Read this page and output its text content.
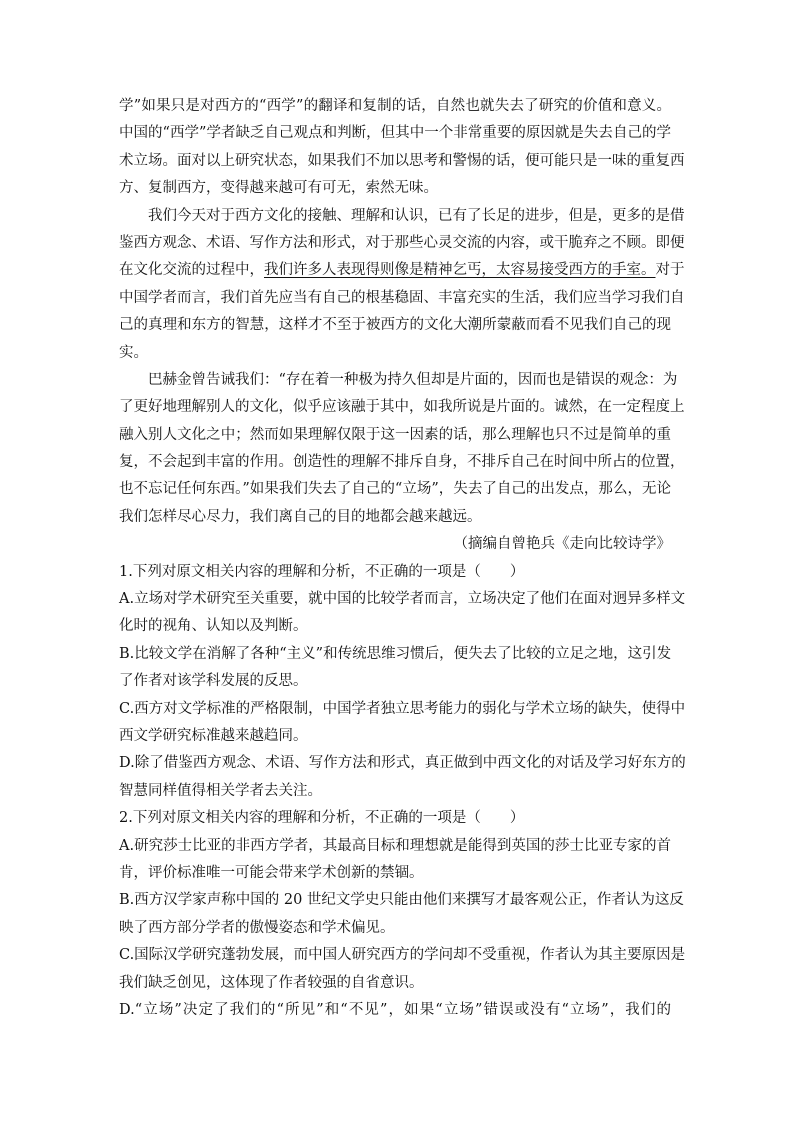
学”如果只是对西方的“西学”的翻译和复制的话，自然也就失去了研究的价值和意义。
中国的“西学”学者缺乏自己观点和判断，但其中一个非常重要的原因就是失去自己的学
术立场。面对以上研究状态，如果我们不加以思考和警惕的话，便可能只是一味的重复西
方、复制西方，变得越来越可有可无，索然无味。
我们今天对于西方文化的接触、理解和认识，已有了长足的进步，但是，更多的是借
鉴西方观念、术语、写作方法和形式，对于那些心灵交流的内容，或干脆弃之不顾。即便
在文化交流的过程中，我们许多人表现得则像是精神乞丐，太容易接受西方的手室。对于
中国学者而言，我们首先应当有自己的根基稳固、丰富充实的生活，我们应当学习我们自
己的真理和东方的智慧，这样才不至于被西方的文化大潮所蒙蔽而看不见我们自己的现
实。
巴赫金曾告诫我们：“存在着一种极为持久但却是片面的，因而也是错误的观念：为
了更好地理解别人的文化，似乎应该融于其中，如我所说是片面的。诚然，在一定程度上
融入别人文化之中；然而如果理解仅限于这一因素的话，那么理解也只不过是简单的重
复，不会起到丰富的作用。创造性的理解不排斥自身，不排斥自己在时间中所占的位置，
也不忘记任何东西。”如果我们失去了自己的“立场”，失去了自己的出发点，那么，无论
我们怎样尽心尽力，我们离自己的目的地都会越来越远。
（摘编自曾艳兵《走向比较诗学》
1.下列对原文相关内容的理解和分析，不正确的一项是（　　）
A.立场对学术研究至关重要，就中国的比较学者而言，立场决定了他们在面对迥异多样文
化时的视角、认知以及判断。
B.比较文学在消解了各种“主义”和传统思维习惯后，便失去了比较的立足之地，这引发
了作者对该学科发展的反思。
C.西方对文学标准的严格限制，中国学者独立思考能力的弱化与学术立场的缺失，使得中
西文学研究标准越来越趋同。
D.除了借鉴西方观念、术语、写作方法和形式，真正做到中西文化的对话及学习好东方的
智慧同样值得相关学者去关注。
2.下列对原文相关内容的理解和分析，不正确的一项是（　　）
A.研究莎士比亚的非西方学者，其最高目标和理想就是能得到英国的莎士比亚专家的首
肯，评价标准唯一可能会带来学术创新的禁锢。
B.西方汉学家声称中国的 20 世纪文学史只能由他们来撰写才最客观公正，作者认为这反
映了西方部分学者的傲慢姿态和学术偏见。
C.国际汉学研究蓬勃发展，而中国人研究西方的学问却不受重视，作者认为其主要原因是
我们缺乏创见，这体现了作者较强的自省意识。
D.“立场”决定了我们的“所见”和“不见”，如果“立场”错误或没有“立场”，我们的
